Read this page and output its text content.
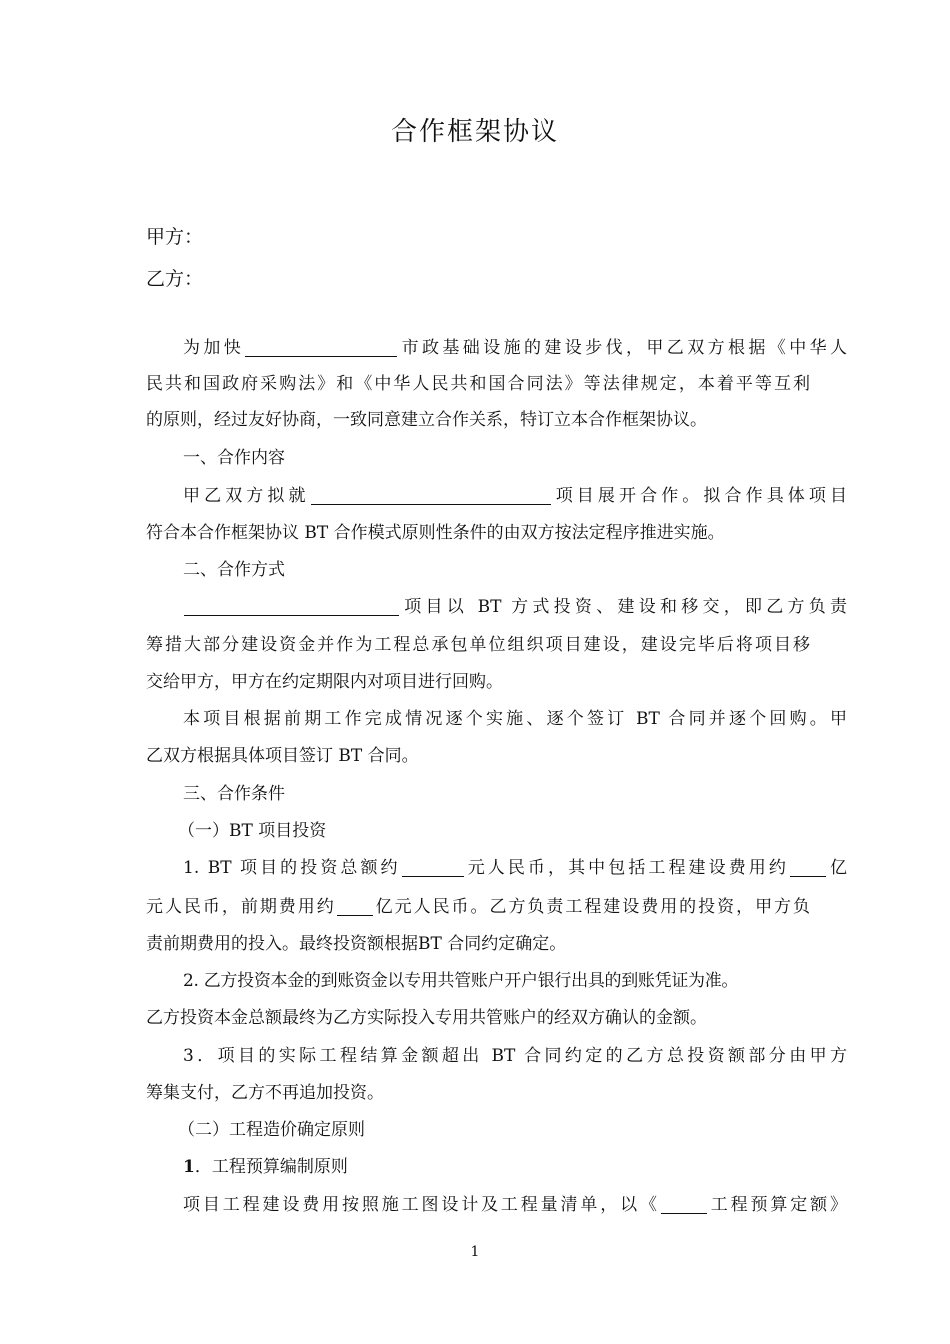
合作框架协议
甲方：
乙方：
为加快	市政基础设施的建设步伐，甲乙双方根据《中华人
民共和国政府采购法》和《中华人民共和国合同法》等法律规定，本着平等互利
的原则，经过友好协商，一致同意建立合作关系，特订立本合作框架协议。
一、合作内容
甲乙双方拟就	项目展开合作。拟合作具体项目
符合本合作框架协议 BT 合作模式原则性条件的由双方按法定程序推进实施。
二、合作方式
项目以 BT 方式投资、建设和移交，即乙方负责
筹措大部分建设资金并作为工程总承包单位组织项目建设，建设完毕后将项目移
交给甲方，甲方在约定期限内对项目进行回购。
本项目根据前期工作完成情况逐个实施、逐个签订 BT 合同并逐个回购。甲
乙双方根据具体项目签订 BT 合同。
三、合作条件
（一）BT 项目投资
1. BT 项目的投资总额约	元人民币，其中包括工程建设费用约 亿
元人民币，前期费用约 亿元人民币。乙方负责工程建设费用的投资，甲方负
责前期费用的投入。最终投资额根据BT 合同约定确定。
2. 乙方投资本金的到账资金以专用共管账户开户银行出具的到账凭证为准。
乙方投资本金总额最终为乙方实际投入专用共管账户的经双方确认的金额。
3．项目的实际工程结算金额超出 BT 合同约定的乙方总投资额部分由甲方
筹集支付，乙方不再追加投资。
（二）工程造价确定原则
1．工程预算编制原则
项目工程建设费用按照施工图设计及工程量清单，以《	工程预算定额》
1
